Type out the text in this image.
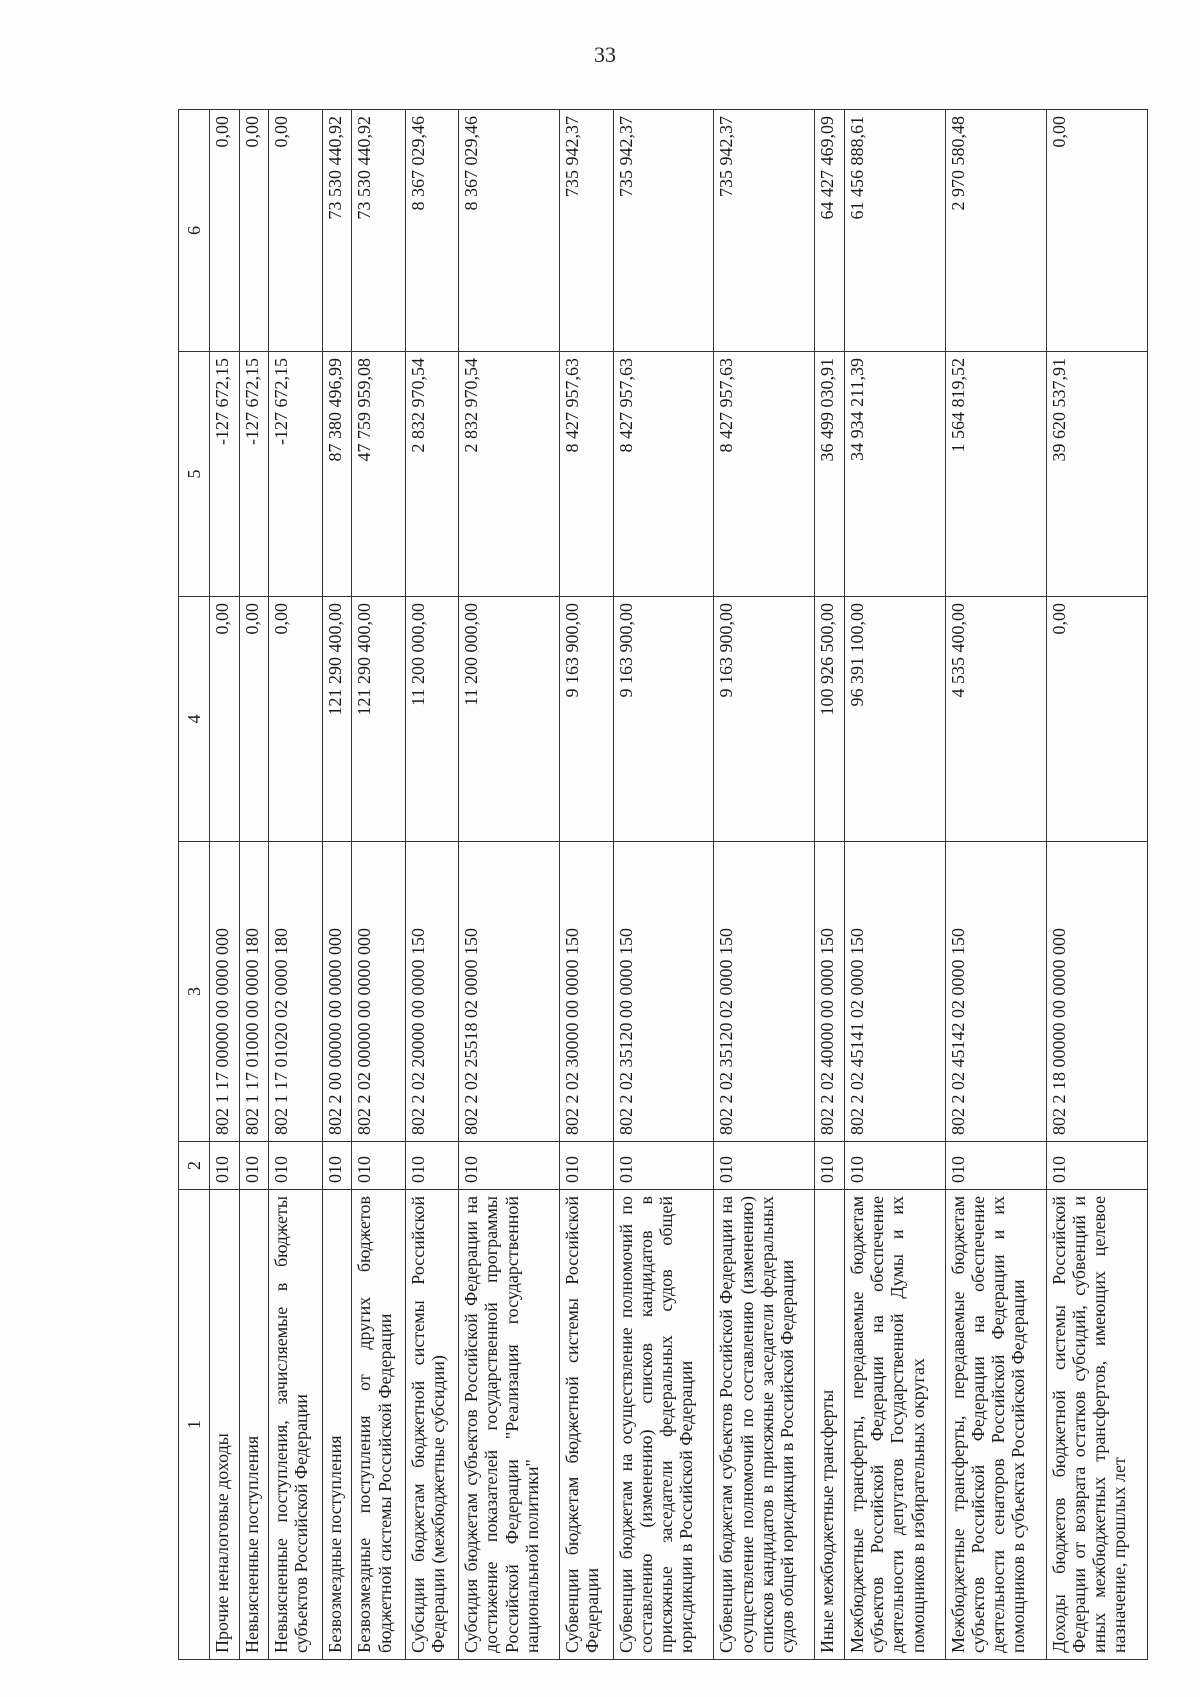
33
1	2	3	4	5	6
Прочие неналоговые доходы	010	802 1 17 00000 00 0000 000	0,00	-127 672,15	0,00
Невыясненные поступления	010	802 1 17 01000 00 0000 180	0,00	-127 672,15	0,00
Невыясненные поступления, зачисляемые в бюджеты субъектов Российской Федерации	010	802 1 17 01020 02 0000 180	0,00	-127 672,15	0,00
Безвозмездные поступления	010	802 2 00 00000 00 0000 000	121 290 400,00	87 380 496,99	73 530 440,92
Безвозмездные поступления от других бюджетов бюджетной системы Российской Федерации	010	802 2 02 00000 00 0000 000	121 290 400,00	47 759 959,08	73 530 440,92
Субсидии бюджетам бюджетной системы Российской Федерации (межбюджетные субсидии)	010	802 2 02 20000 00 0000 150	11 200 000,00	2 832 970,54	8 367 029,46
Субсидия бюджетам субъектов Российской Федерации на достижение показателей государственной программы Российской Федерации "Реализация государственной национальной политики"	010	802 2 02 25518 02 0000 150	11 200 000,00	2 832 970,54	8 367 029,46
Субвенции бюджетам бюджетной системы Российской Федерации	010	802 2 02 30000 00 0000 150	9 163 900,00	8 427 957,63	735 942,37
Субвенции бюджетам на осуществление полномочий по составлению (изменению) списков кандидатов в присяжные заседатели федеральных судов общей юрисдикции в Российской Федерации	010	802 2 02 35120 00 0000 150	9 163 900,00	8 427 957,63	735 942,37
Субвенции бюджетам субъектов Российской Федерации на осуществление полномочий по составлению (изменению) списков кандидатов в присяжные заседатели федеральных судов общей юрисдикции в Российской Федерации	010	802 2 02 35120 02 0000 150	9 163 900,00	8 427 957,63	735 942,37
Иные межбюджетные трансферты	010	802 2 02 40000 00 0000 150	100 926 500,00	36 499 030,91	64 427 469,09
Межбюджетные трансферты, передаваемые бюджетам субъектов Российской Федерации на обеспечение деятельности депутатов Государственной Думы и их помощников в избирательных округах	010	802 2 02 45141 02 0000 150	96 391 100,00	34 934 211,39	61 456 888,61
Межбюджетные трансферты, передаваемые бюджетам субъектов Российской Федерации на обеспечение деятельности сенаторов Российской Федерации и их помощников в субъектах Российской Федерации	010	802 2 02 45142 02 0000 150	4 535 400,00	1 564 819,52	2 970 580,48
Доходы бюджетов бюджетной системы Российской Федерации от возврата остатков субсидий, субвенций и иных межбюджетных трансфертов, имеющих целевое назначение, прошлых лет	010	802 2 18 00000 00 0000 000	0,00	39 620 537,91	0,00
